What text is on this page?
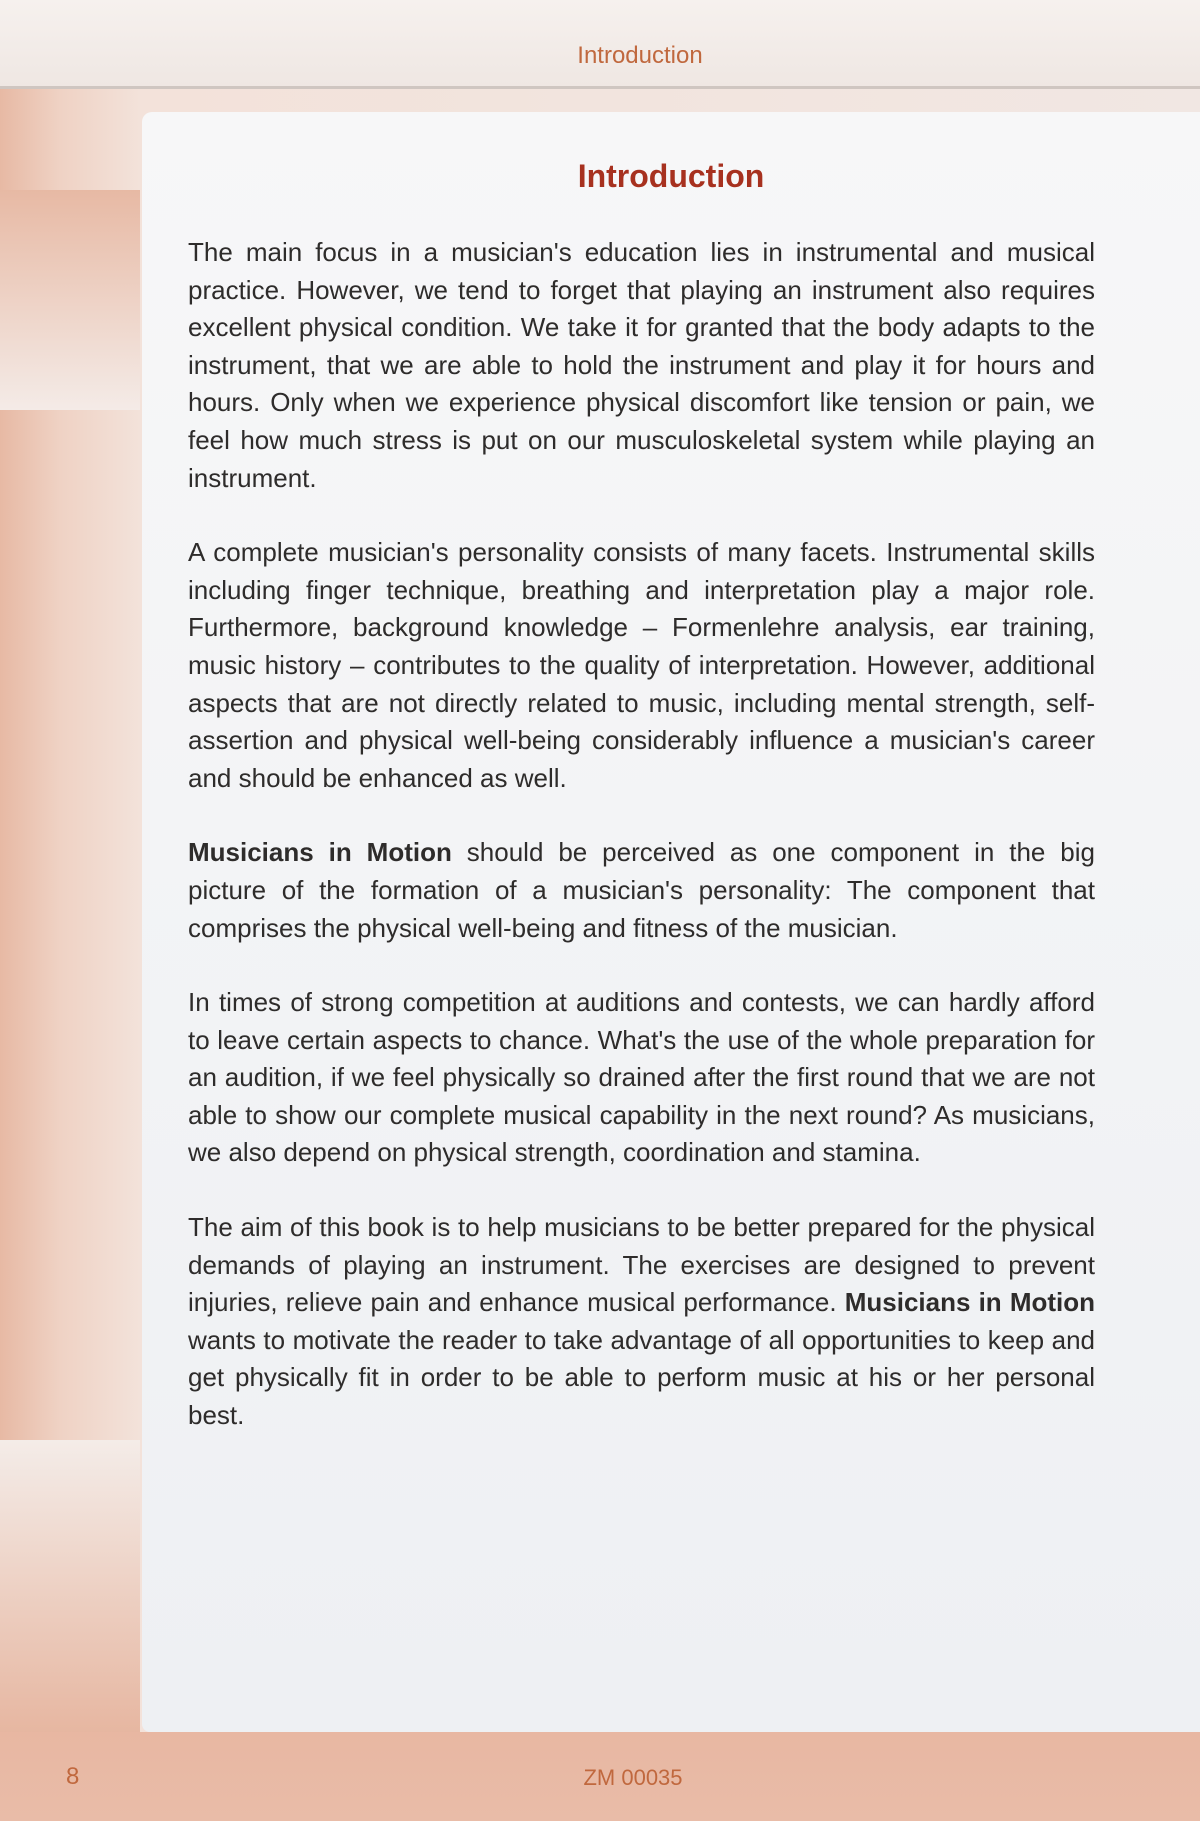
Introduction
Introduction

The main focus in a musician's education lies in instrumental and musical practice. However, we tend to forget that playing an instrument also requires excellent physical condition. We take it for granted that the body adapts to the instrument, that we are able to hold the instrument and play it for hours and hours. Only when we experience physical discomfort like tension or pain, we feel how much stress is put on our musculoskeletal system while playing an instrument.

A complete musician's personality consists of many facets. Instrumental skills including finger technique, breathing and interpretation play a major role. Furthermore, background knowledge – Formenlehre analysis, ear training, music history – contributes to the quality of interpretation. However, additional aspects that are not directly related to music, including mental strength, self-assertion and physical well-being considerably influence a musician's career and should be enhanced as well.

Musicians in Motion should be perceived as one component in the big picture of the formation of a musician's personality: The component that comprises the physical well-being and fitness of the musician.

In times of strong competition at auditions and contests, we can hardly afford to leave certain aspects to chance. What's the use of the whole preparation for an audition, if we feel physically so drained after the first round that we are not able to show our complete musical capability in the next round? As musicians, we also depend on physical strength, coordination and stamina.

The aim of this book is to help musicians to be better prepared for the physical demands of playing an instrument. The exercises are designed to prevent injuries, relieve pain and enhance musical performance. Musicians in Motion wants to motivate the reader to take advantage of all opportunities to keep and get physically fit in order to be able to perform music at his or her personal best.

8	ZM 00035
